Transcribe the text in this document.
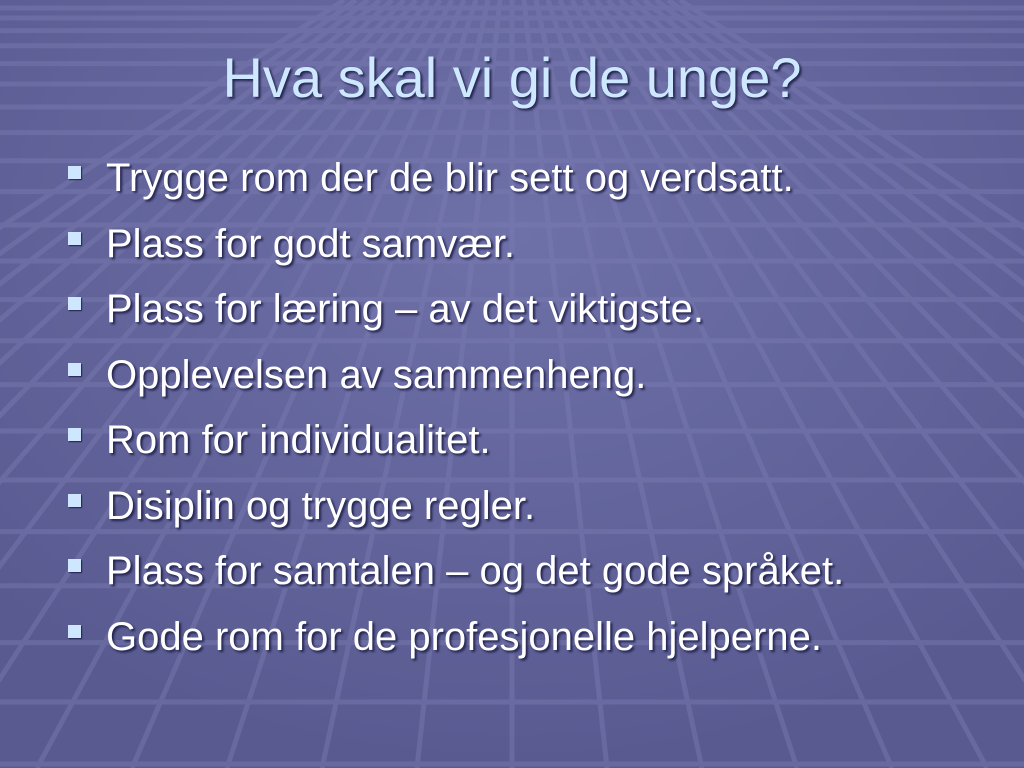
Hva skal vi gi de unge?
Trygge rom der de blir sett og verdsatt.
Plass for godt samvær.
Plass for læring – av det viktigste.
Opplevelsen av sammenheng.
Rom for individualitet.
Disiplin og trygge regler.
Plass for samtalen – og det gode språket.
Gode rom for de profesjonelle hjelperne.
